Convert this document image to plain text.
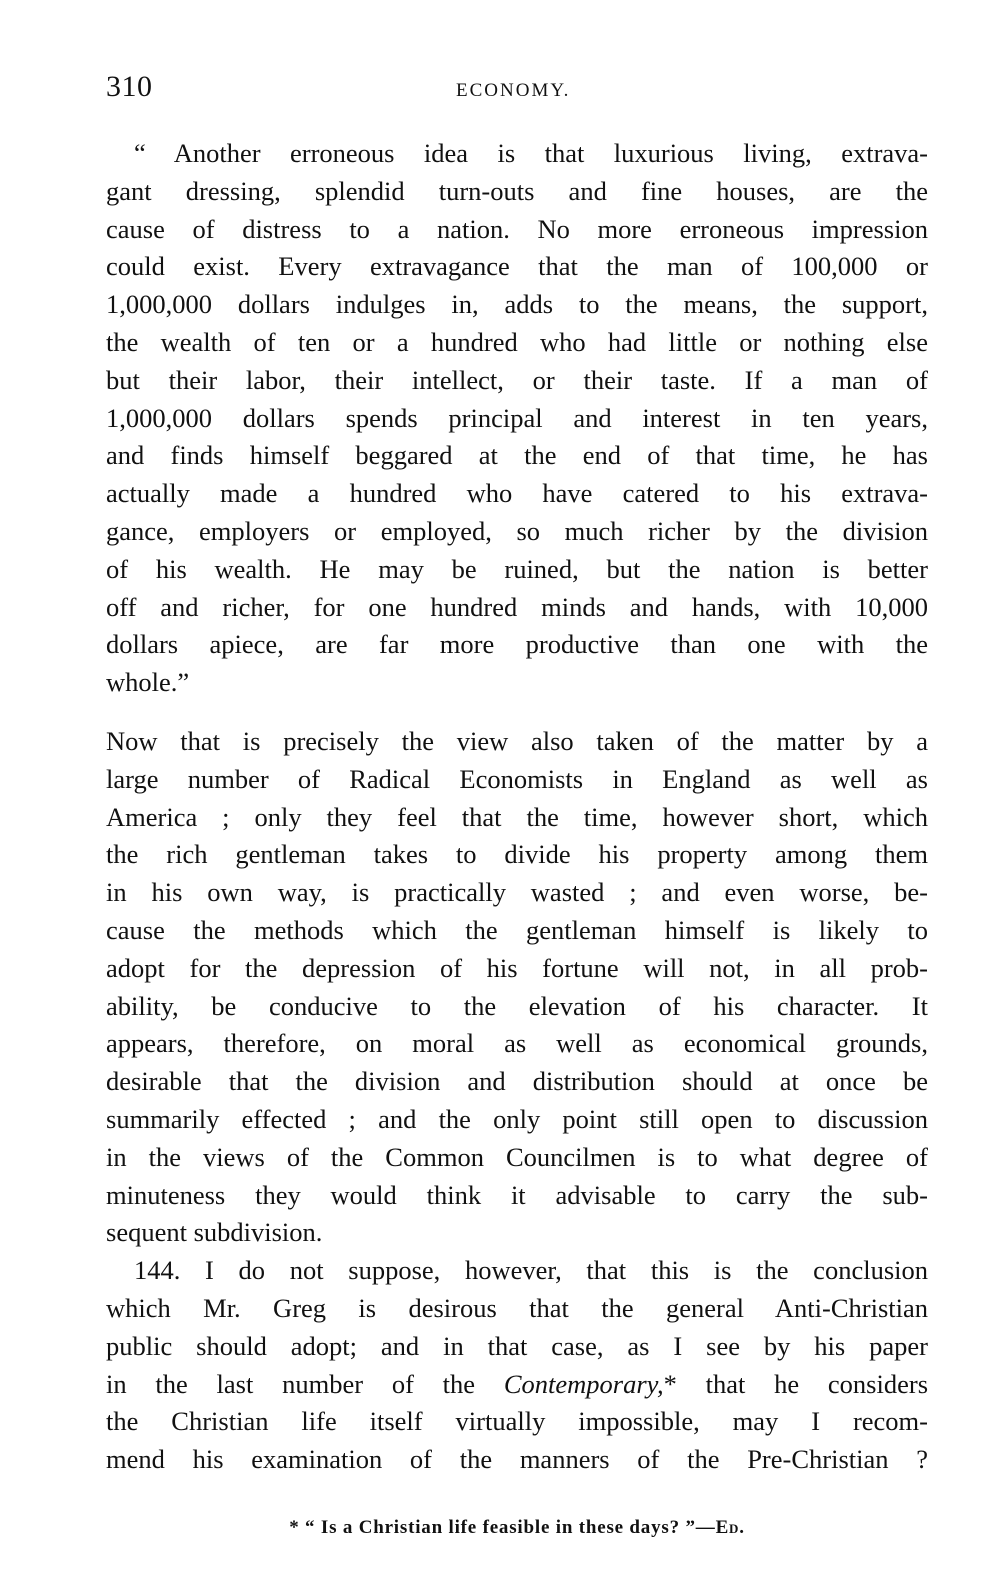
310	ECONOMY.
“ Another erroneous idea is that luxurious living, extrava-
gant dressing, splendid turn-outs and fine houses, are the
cause of distress to a nation. No more erroneous impression
could exist. Every extravagance that the man of 100,000 or
1,000,000 dollars indulges in, adds to the means, the support,
the wealth of ten or a hundred who had little or nothing else
but their labor, their intellect, or their taste. If a man of
1,000,000 dollars spends principal and interest in ten years,
and finds himself beggared at the end of that time, he has
actually made a hundred who have catered to his extrava-
gance, employers or employed, so much richer by the division
of his wealth. He may be ruined, but the nation is better
off and richer, for one hundred minds and hands, with 10,000
dollars apiece, are far more productive than one with the
whole.”
Now that is precisely the view also taken of the matter by a
large number of Radical Economists in England as well as
America ; only they feel that the time, however short, which
the rich gentleman takes to divide his property among them
in his own way, is practically wasted ; and even worse, be-
cause the methods which the gentleman himself is likely to
adopt for the depression of his fortune will not, in all prob-
ability, be conducive to the elevation of his character. It
appears, therefore, on moral as well as economical grounds,
desirable that the division and distribution should at once be
summarily effected ; and the only point still open to discussion
in the views of the Common Councilmen is to what degree of
minuteness they would think it advisable to carry the sub-
sequent subdivision.
144. I do not suppose, however, that this is the conclusion
which Mr. Greg is desirous that the general Anti-Christian
public should adopt; and in that case, as I see by his paper
in the last number of the Contemporary,* that he considers
the Christian life itself virtually impossible, may I recom-
mend his examination of the manners of the Pre-Christian ?
* “ Is a Christian life feasible in these days? ”—Ed.
